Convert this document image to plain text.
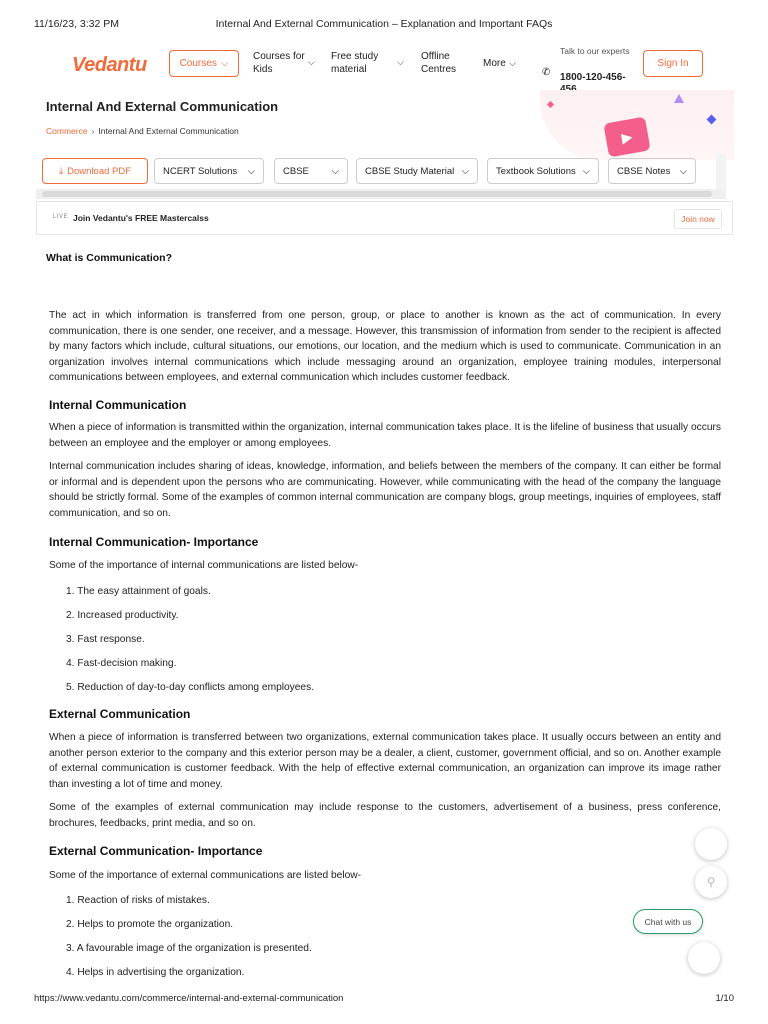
11/16/23, 3:32 PM	Internal And External Communication – Explanation and Important FAQs
Vedantu	Courses ⌵
Courses for Kids
⌵ Free study material
⌵ Offline Centres
More ⌵
✆
Talk to our experts
1800-120-456-
Sign In
▶
Internal And External Communication
Commerce › Internal And External Communication
⤓ Download PDF	NCERT Solutions ⌵	CBSE ⌵	CBSE Study Material ⌵	Textbook Solutions ⌵	CBSE Notes ⌵
LIVE Join Vedantu's FREE Mastercalss	Join now
What is Communication?

The act in which information is transferred from one person, group, or place to another is known as the act of communication. In every communication, there is one sender, one receiver, and a message. However, this transmission of information from sender to the recipient is affected by many factors which include, cultural situations, our emotions, our location, and the medium which is used to communicate. Communication in an organization involves internal communications which include messaging around an organization, employee training modules, interpersonal communications between employees, and external communication which includes customer feedback.

Internal Communication

When a piece of information is transmitted within the organization, internal communication takes place. It is the lifeline of business that usually occurs between an employee and the employer or among employees.

Internal communication includes sharing of ideas, knowledge, information, and beliefs between the members of the company. It can either be formal or informal and is dependent upon the persons who are communicating. However, while communicating with the head of the company the language should be strictly formal. Some of the examples of common internal communication are company blogs, group meetings, inquiries of employees, staff communication, and so on.

Internal Communication- Importance

Some of the importance of internal communications are listed below-

1. The easy attainment of goals.
2. Increased productivity.
3. Fast response.
4. Fast-decision making.
5. Reduction of day-to-day conflicts among employees.
External Communication

When a piece of information is transferred between two organizations, external communication takes place. It usually occurs between an entity and another person exterior to the company and this exterior person may be a dealer, a client, customer, government official, and so on. Another example of external communication is customer feedback. With the help of effective external communication, an organization can improve its image rather than investing a lot of time and money.

Some of the examples of external communication may include response to the customers, advertisement of a business, press conference, brochures, feedbacks, print media, and so on.

External Communication- Importance

Some of the importance of external communications are listed below-

1. Reaction of risks of mistakes.
2. Helps to promote the organization.
3. A favourable image of the organization is presented.
4. Helps in advertising the organization.
⚲
Chat with us
https://www.vedantu.com/commerce/internal-and-external-communication	1/10
